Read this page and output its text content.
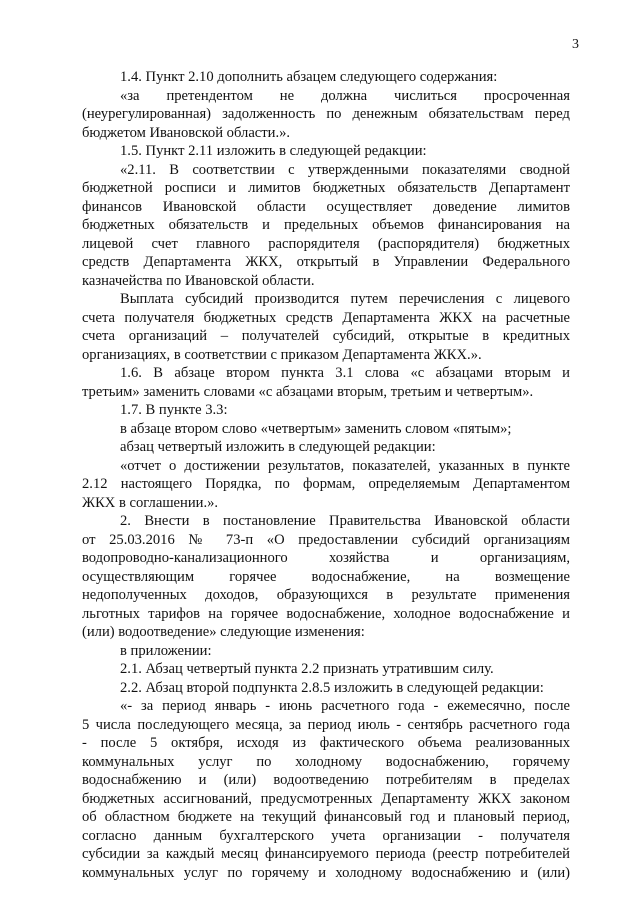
3
1.4. Пункт 2.10 дополнить абзацем следующего содержания:
«за претендентом не должна числиться просроченная
(неурегулированная) задолженность по денежным обязательствам перед
бюджетом Ивановской области.».
1.5. Пункт 2.11 изложить в следующей редакции:
«2.11. В соответствии с утвержденными показателями сводной
бюджетной росписи и лимитов бюджетных обязательств Департамент
финансов Ивановской области осуществляет доведение лимитов
бюджетных обязательств и предельных объемов финансирования на
лицевой счет главного распорядителя (распорядителя) бюджетных
средств Департамента ЖКХ, открытый в Управлении Федерального
казначейства по Ивановской области.
Выплата субсидий производится путем перечисления с лицевого
счета получателя бюджетных средств Департамента ЖКХ на расчетные
счета организаций – получателей субсидий, открытые в кредитных
организациях, в соответствии с приказом Департамента ЖКХ.».
1.6. В абзаце втором пункта 3.1 слова «с абзацами вторым и
третьим» заменить словами «с абзацами вторым, третьим и четвертым».
1.7. В пункте 3.3:
в абзаце втором слово «четвертым» заменить словом «пятым»;
абзац четвертый изложить в следующей редакции:
«отчет о достижении результатов, показателей, указанных в пункте
2.12 настоящего Порядка, по формам, определяемым Департаментом
ЖКХ в соглашении.».
2. Внести в постановление Правительства Ивановской области
от 25.03.2016 № 73-п «О предоставлении субсидий организациям
водопроводно-канализационного хозяйства и организациям,
осуществляющим горячее водоснабжение, на возмещение
недополученных доходов, образующихся в результате применения
льготных тарифов на горячее водоснабжение, холодное водоснабжение и
(или) водоотведение» следующие изменения:
в приложении:
2.1. Абзац четвертый пункта 2.2 признать утратившим силу.
2.2. Абзац второй подпункта 2.8.5 изложить в следующей редакции:
«- за период январь - июнь расчетного года - ежемесячно, после
5 числа последующего месяца, за период июль - сентябрь расчетного года
- после 5 октября, исходя из фактического объема реализованных
коммунальных услуг по холодному водоснабжению, горячему
водоснабжению и (или) водоотведению потребителям в пределах
бюджетных ассигнований, предусмотренных Департаменту ЖКХ законом
об областном бюджете на текущий финансовый год и плановый период,
согласно данным бухгалтерского учета организации - получателя
субсидии за каждый месяц финансируемого периода (реестр потребителей
коммунальных услуг по горячему и холодному водоснабжению и (или)
